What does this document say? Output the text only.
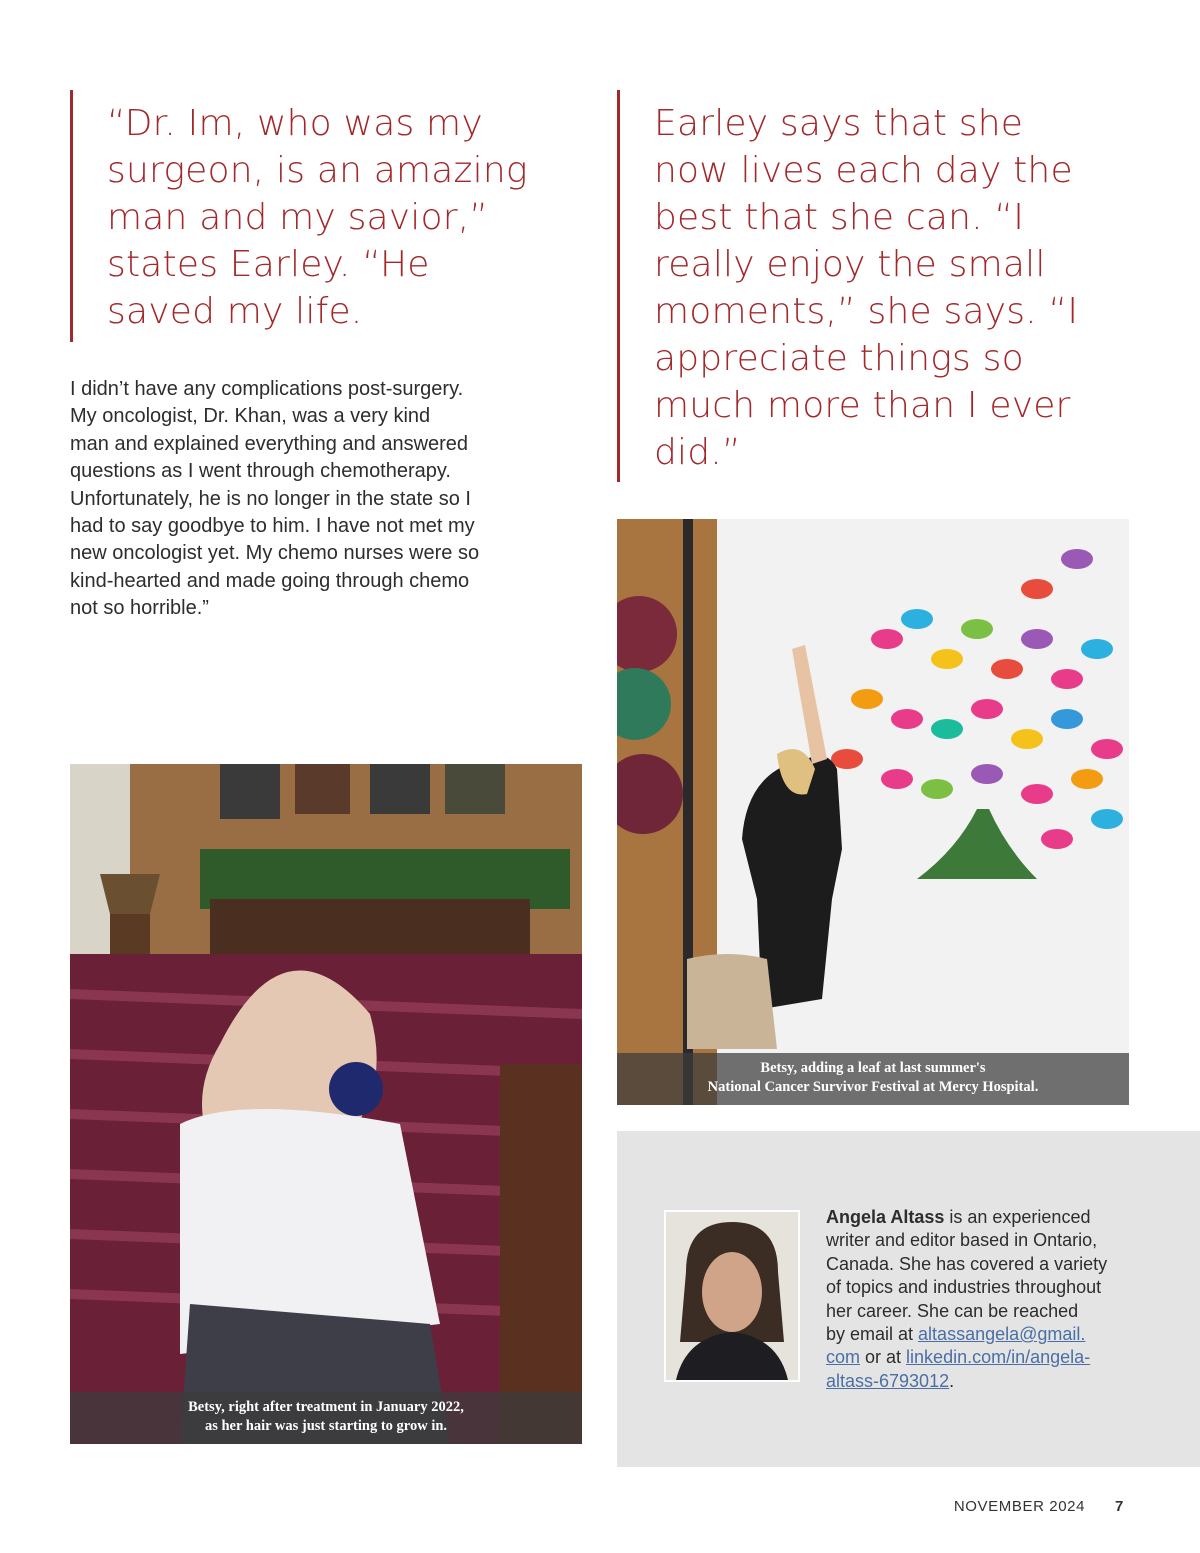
“Dr. Im, who was my
surgeon, is an amazing
man and my savior,”
states Earley. “He
saved my life.
Earley says that she
now lives each day the
best that she can. “I
really enjoy the small
moments,” she says. “I
appreciate things so
much more than I ever
did.”
I didn’t have any complications post-surgery.
My oncologist, Dr. Khan, was a very kind
man and explained everything and answered
questions as I went through chemotherapy.
Unfortunately, he is no longer in the state so I
had to say goodbye to him. I have not met my
new oncologist yet. My chemo nurses were so
kind-hearted and made going through chemo
not so horrible.”
Betsy, adding a leaf at last summer's
National Cancer Survivor Festival at Mercy Hospital.
Betsy, right after treatment in January 2022,
as her hair was just starting to grow in.
Angela Altass is an experienced
writer and editor based in Ontario,
Canada. She has covered a variety
of topics and industries throughout
her career. She can be reached
by email at altassangela@gmail.
com or at linkedin.com/in/angela-
altass-6793012.
NOVEMBER 2024 7
